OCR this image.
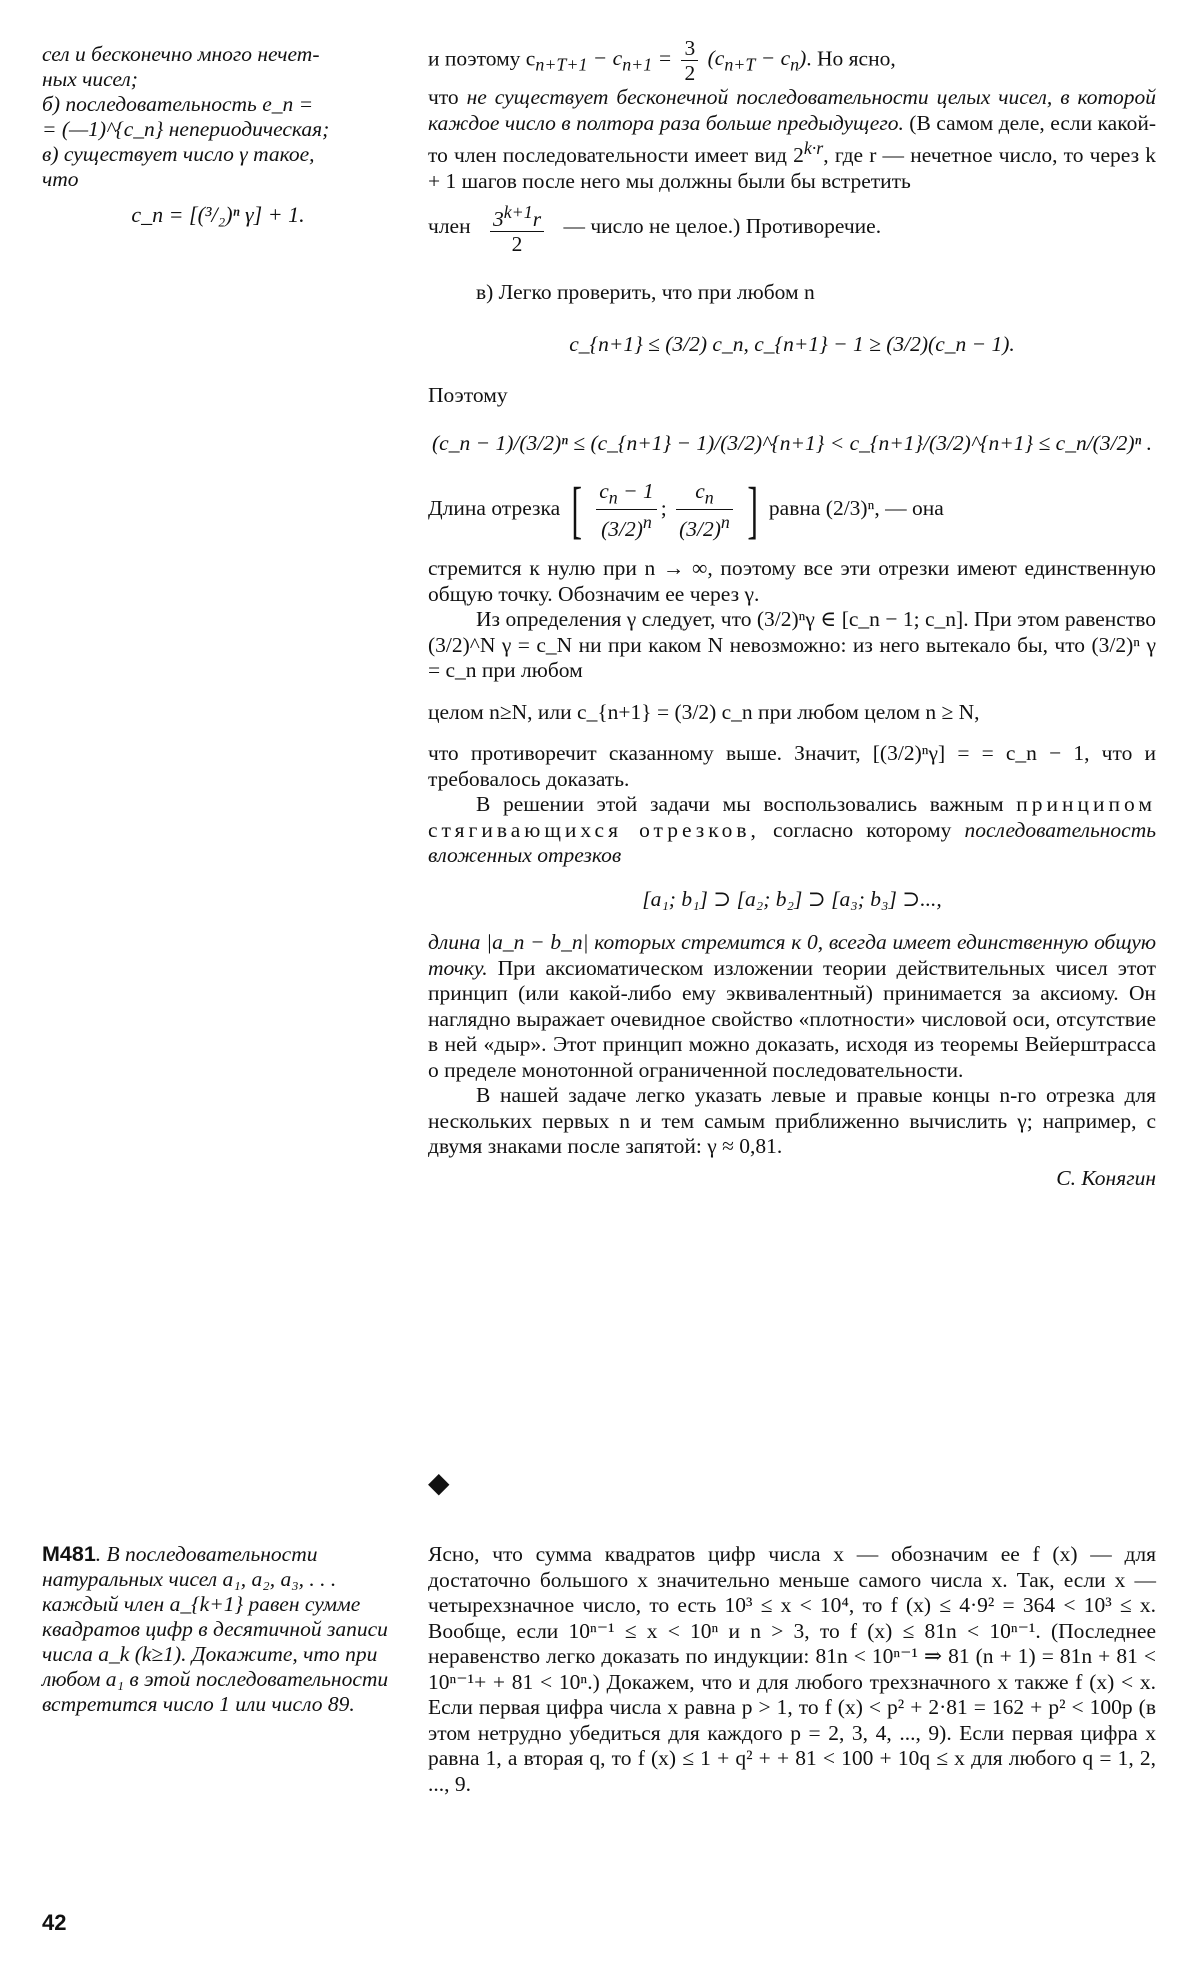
сел и бесконечно много нечет-

ных чисел;

б) последовательность e_n =

= (—1)^{c_n} непериодическая;

в) существует число γ такое,

что

c_n = [(³/₂)ⁿ γ] + 1.

и поэтому $c_{n+T+1} - c_{n+1} = \frac{3}{2} (c_{n+T} - c_n)$. Но ясно,

что не существует бесконечной последовательности целых чисел, в которой каждое число в полтора раза больше предыдущего. (В самом деле, если какой-то член последовательности имеет вид $2^{k\cdot r}$, где r — нечетное число, то через k + 1 шагов после него мы должны были бы встретить

член $\frac{3^{k+1}r}{2}$ — число не целое.) Противоречие.

в) Легко проверить, что при любом n

c_{n+1} ≤ (3/2) c_n, c_{n+1} − 1 ≥ (3/2)(c_n − 1).

Поэтому

(c_n − 1)/(3/2)ⁿ ≤ (c_{n+1} − 1)/(3/2)^{n+1} < c_{n+1}/(3/2)^{n+1} ≤ c_n/(3/2)ⁿ .

Длина отрезка [ $\frac{c_n - 1}{(3/2)^n}$ ; $\frac{c_n}{(3/2)^n}$ ] равна (2/3)ⁿ, — она

стремится к нулю при n → ∞, поэтому все эти отрезки имеют единственную общую точку. Обозначим ее через γ.

Из определения γ следует, что (3/2)ⁿγ ∈ [c_n − 1; c_n]. При этом равенство (3/2)^N γ = c_N ни при каком N невозможно: из него вытекало бы, что (3/2)ⁿ γ = c_n при любом

целом n≥N, или c_{n+1} = (3/2) c_n при любом целом n ≥ N,

что противоречит сказанному выше. Значит, [(3/2)ⁿγ] = = c_n − 1, что и требовалось доказать.

В решении этой задачи мы воспользовались важным принципом стягивающихся отрезков, согласно которому последовательность вложенных отрезков

[a₁; b₁] ⊃ [a₂; b₂] ⊃ [a₃; b₃] ⊃...,

длина |a_n − b_n| которых стремится к 0, всегда имеет единственную общую точку. При аксиоматическом изложении теории действительных чисел этот принцип (или какой-либо ему эквивалентный) принимается за аксиому. Он наглядно выражает очевидное свойство «плотности» числовой оси, отсутствие в ней «дыр». Этот принцип можно доказать, исходя из теоремы Вейерштрасса о пределе монотонной ограниченной последовательности.

В нашей задаче легко указать левые и правые концы n-го отрезка для нескольких первых n и тем самым приближенно вычислить γ; например, с двумя знаками после запятой: γ ≈ 0,81.

С. Конягин

◆

М481. В последовательности натуральных чисел a₁, a₂, a₃, . . . каждый член a_{k+1} равен сумме квадратов цифр в десятичной записи числа a_k (k≥1). Докажите, что при любом a₁ в этой последовательности встретится число 1 или число 89.

Ясно, что сумма квадратов цифр числа x — обозначим ее f (x) — для достаточно большого x значительно меньше самого числа x. Так, если x — четырехзначное число, то есть 10³ ≤ x < 10⁴, то f (x) ≤ 4·9² = 364 < 10³ ≤ x. Вообще, если 10ⁿ⁻¹ ≤ x < 10ⁿ и n > 3, то f (x) ≤ 81n < 10ⁿ⁻¹. (Последнее неравенство легко доказать по индукции: 81n < 10ⁿ⁻¹ ⇒ 81 (n + 1) = 81n + 81 < 10ⁿ⁻¹+ + 81 < 10ⁿ.) Докажем, что и для любого трехзначного x также f (x) < x. Если первая цифра числа x равна p > 1, то f (x) < p² + 2·81 = 162 + p² < 100p (в этом нетрудно убедиться для каждого p = 2, 3, 4, ..., 9). Если первая цифра x равна 1, а вторая q, то f (x) ≤ 1 + q² + + 81 < 100 + 10q ≤ x для любого q = 1, 2, ..., 9.

42
